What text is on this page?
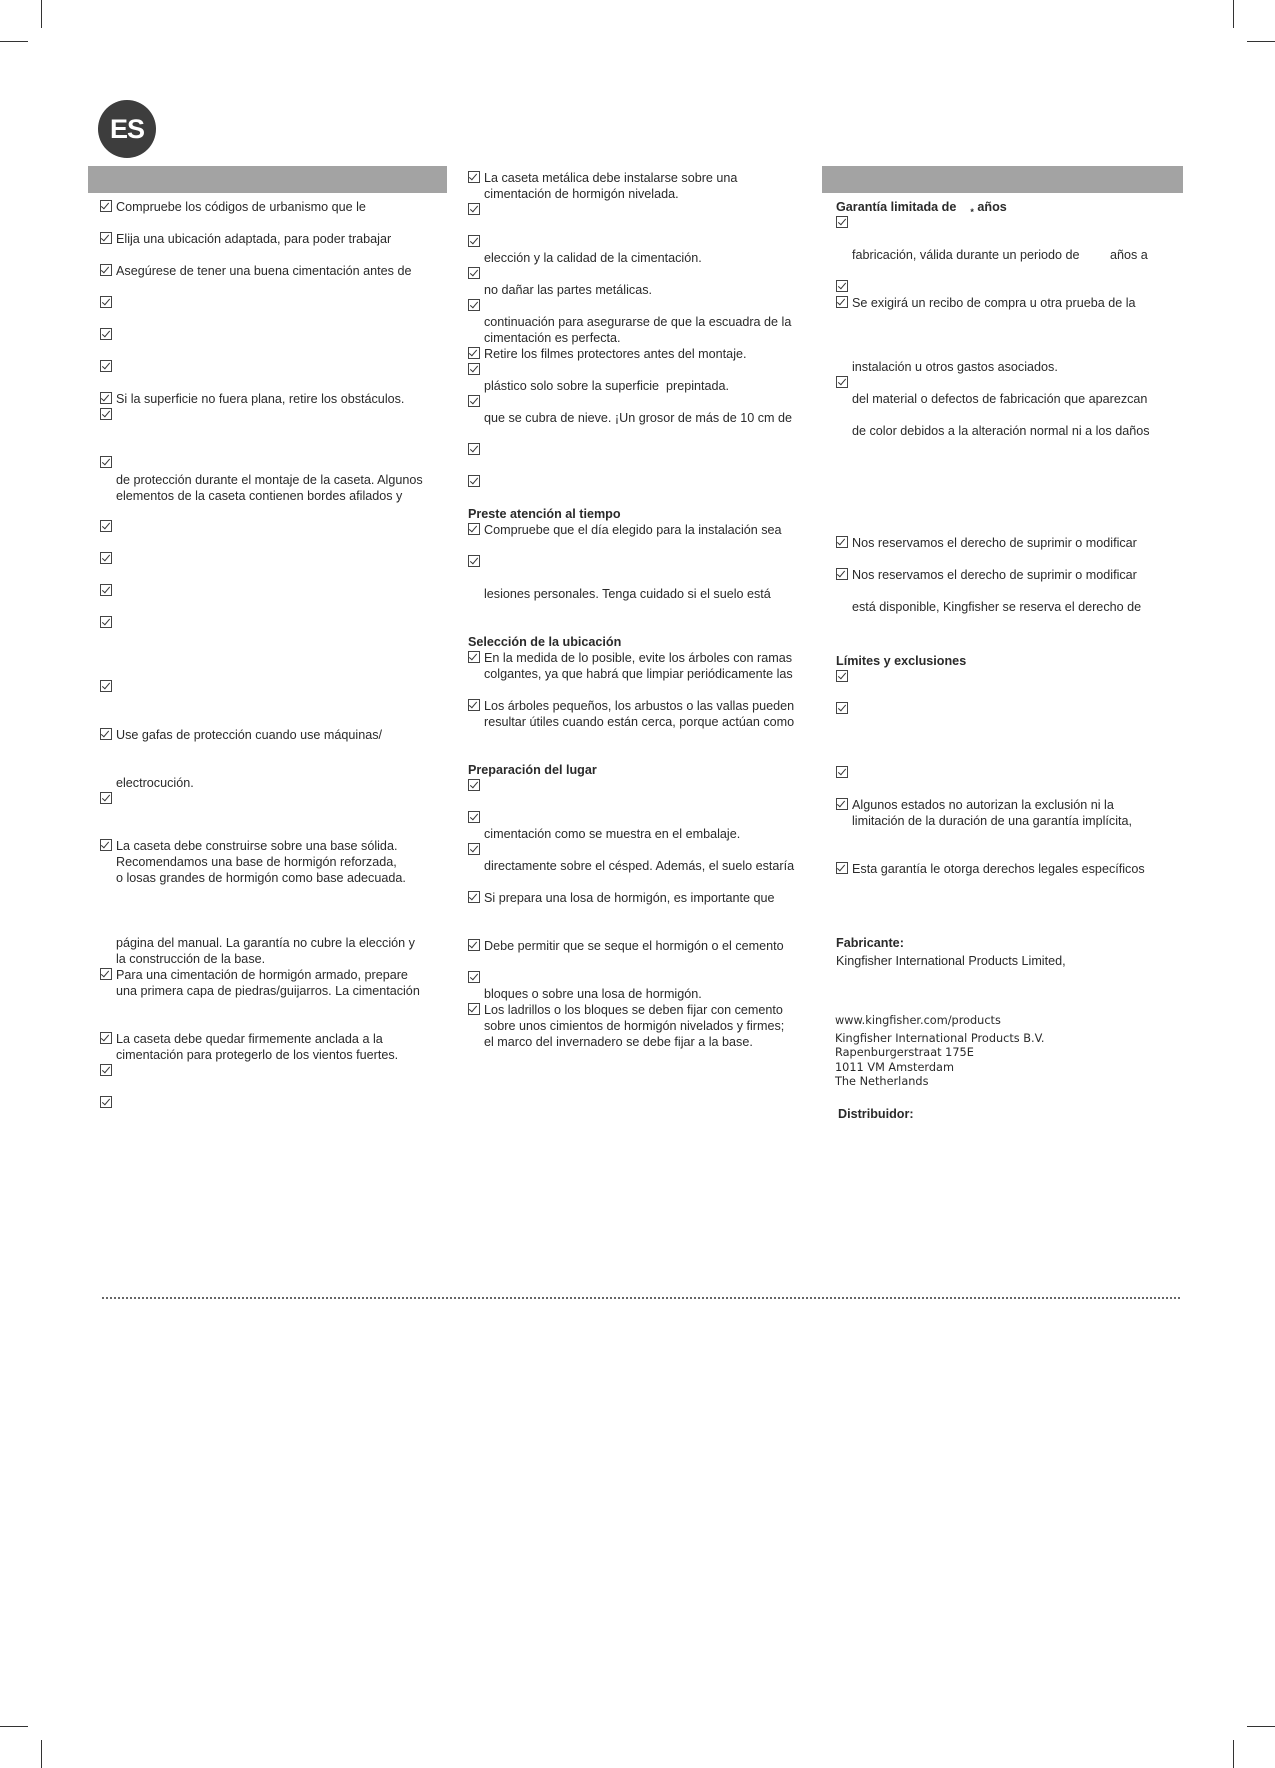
ES

Compruebe los códigos de urbanismo que le

Elija una ubicación adaptada, para poder trabajar

Asegúrese de tener una buena cimentación antes de

Si la superficie no fuera plana, retire los obstáculos.

de protección durante el montaje de la caseta. Algunos
elementos de la caseta contienen bordes afilados y

Use gafas de protección cuando use máquinas/

electrocución.

La caseta debe construirse sobre una base sólida.
Recomendamos una base de hormigón reforzada,
o losas grandes de hormigón como base adecuada.

página del manual. La garantía no cubre la elección y
la construcción de la base.

Para una cimentación de hormigón armado, prepare
una primera capa de piedras/guijarros. La cimentación

La caseta debe quedar firmemente anclada a la
cimentación para protegerlo de los vientos fuertes.

La caseta metálica debe instalarse sobre una
cimentación de hormigón nivelada.

elección y la calidad de la cimentación.

no dañar las partes metálicas.

continuación para asegurarse de que la escuadra de la
cimentación es perfecta.

Retire los filmes protectores antes del montaje.

plástico solo sobre la superficie  prepintada.

que se cubra de nieve. ¡Un grosor de más de 10 cm de

Preste atención al tiempo

Compruebe que el día elegido para la instalación sea

lesiones personales. Tenga cuidado si el suelo está

Selección de la ubicación

En la medida de lo posible, evite los árboles con ramas
colgantes, ya que habrá que limpiar periódicamente las

Los árboles pequeños, los arbustos o las vallas pueden
resultar útiles cuando están cerca, porque actúan como

Preparación del lugar

cimentación como se muestra en el embalaje.

directamente sobre el césped. Además, el suelo estaría

Si prepara una losa de hormigón, es importante que

Debe permitir que se seque el hormigón o el cemento

bloques o sobre una losa de hormigón.

Los ladrillos o los bloques se deben fijar con cemento
sobre unos cimientos de hormigón nivelados y firmes;
el marco del invernadero se debe fijar a la base.

Garantía limitada de $_*$ años

fabricación, válida durante un periodo de años a

Se exigirá un recibo de compra u otra prueba de la

instalación u otros gastos asociados.

del material o defectos de fabricación que aparezcan

de color debidos a la alteración normal ni a los daños

Nos reservamos el derecho de suprimir o modificar

Nos reservamos el derecho de suprimir o modificar

está disponible, Kingfisher se reserva el derecho de

Límites y exclusiones

Algunos estados no autorizan la exclusión ni la
limitación de la duración de una garantía implícita,

Esta garantía le otorga derechos legales específicos

Fabricante:

Kingfisher International Products Limited,

www.kingfisher.com/products

Kingfisher International Products B.V.

Rapenburgerstraat 175E

1011 VM Amsterdam

The Netherlands

Distribuidor:
